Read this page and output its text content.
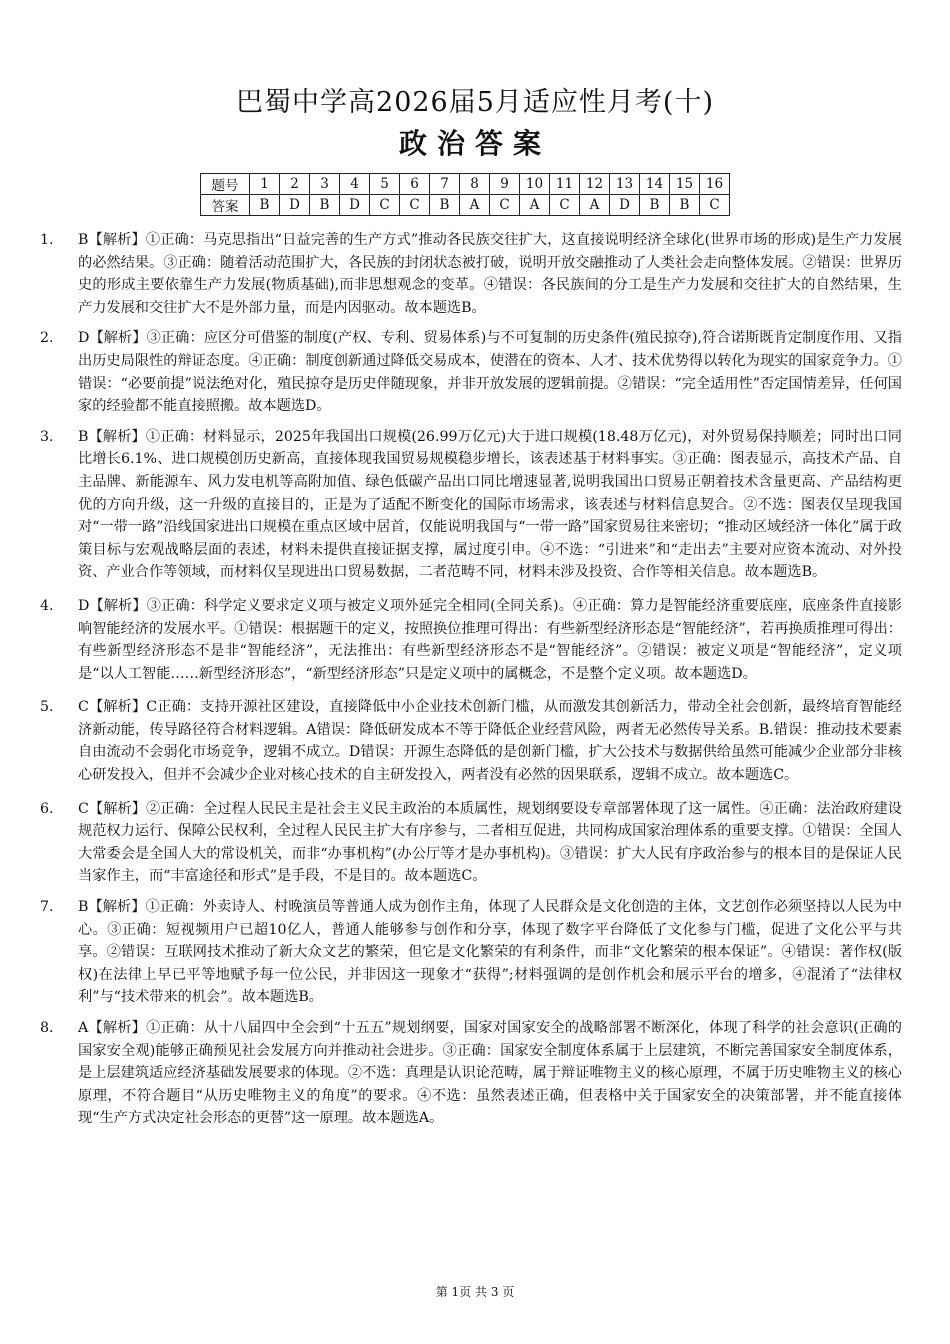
巴蜀中学高2026届5月适应性月考(十)
政治答案
题号	1	2	3	4	5	6	7	8	9	10	11	12	13	14	15	16
答案	B	D	B	D	C	C	B	A	C	A	C	A	D	B	B	C
1. B【解析】①正确：马克思指出“日益完善的生产方式”推动各民族交往扩大，这直接说明经济全球化(世界市场的形成)是生产力发展的必然结果。③正确：随着活动范围扩大，各民族的封闭状态被打破，说明开放交融推动了人类社会走向整体发展。②错误：世界历史的形成主要依靠生产力发展(物质基础),而非思想观念的变革。④错误：各民族间的分工是生产力发展和交往扩大的自然结果，生产力发展和交往扩大不是外部力量，而是内因驱动。故本题选B。
2. D【解析】③正确：应区分可借鉴的制度(产权、专利、贸易体系)与不可复制的历史条件(殖民掠夺),符合诺斯既肯定制度作用、又指出历史局限性的辩证态度。④正确：制度创新通过降低交易成本，使潜在的资本、人才、技术优势得以转化为现实的国家竞争力。①错误：“必要前提”说法绝对化，殖民掠夺是历史伴随现象，并非开放发展的逻辑前提。②错误：“完全适用性”否定国情差异，任何国家的经验都不能直接照搬。故本题选D。
3. B【解析】①正确：材料显示，2025年我国出口规模(26.99万亿元)大于进口规模(18.48万亿元)，对外贸易保持顺差；同时出口同比增长6.1%、进口规模创历史新高，直接体现我国贸易规模稳步增长，该表述基于材料事实。③正确：图表显示，高技术产品、自主品牌、新能源车、风力发电机等高附加值、绿色低碳产品出口同比增速显著,说明我国出口贸易正朝着技术含量更高、产品结构更优的方向升级，这一升级的直接目的，正是为了适配不断变化的国际市场需求，该表述与材料信息契合。②不选：图表仅呈现我国对“一带一路”沿线国家进出口规模在重点区域中居首，仅能说明我国与“一带一路”国家贸易往来密切；“推动区域经济一体化”属于政策目标与宏观战略层面的表述，材料未提供直接证据支撑，属过度引申。④不选：“引进来”和“走出去”主要对应资本流动、对外投资、产业合作等领域，而材料仅呈现进出口贸易数据，二者范畴不同，材料未涉及投资、合作等相关信息。故本题选B。
4. D【解析】③正确：科学定义要求定义项与被定义项外延完全相同(全同关系)。④正确：算力是智能经济重要底座，底座条件直接影响智能经济的发展水平。①错误：根据题干的定义，按照换位推理可得出：有些新型经济形态是“智能经济”，若再换质推理可得出：有些新型经济形态不是非“智能经济”，无法推出：有些新型经济形态不是“智能经济”。②错误：被定义项是“智能经济”，定义项是“以人工智能……新型经济形态”，“新型经济形态”只是定义项中的属概念，不是整个定义项。故本题选D。
5. C【解析】C正确：支持开源社区建设，直接降低中小企业技术创新门槛，从而激发其创新活力，带动全社会创新，最终培育智能经济新动能，传导路径符合材料逻辑。A错误：降低研发成本不等于降低企业经营风险，两者无必然传导关系。B.错误：推动技术要素自由流动不会弱化市场竞争，逻辑不成立。D错误：开源生态降低的是创新门槛，扩大公技术与数据供给虽然可能减少企业部分非核心研发投入，但并不会减少企业对核心技术的自主研发投入，两者没有必然的因果联系，逻辑不成立。故本题选C。
6. C【解析】②正确：全过程人民民主是社会主义民主政治的本质属性，规划纲要设专章部署体现了这一属性。④正确：法治政府建设规范权力运行、保障公民权利，全过程人民民主扩大有序参与，二者相互促进，共同构成国家治理体系的重要支撑。①错误：全国人大常委会是全国人大的常设机关，而非“办事机构”(办公厅等才是办事机构)。③错误：扩大人民有序政治参与的根本目的是保证人民当家作主，而“丰富途径和形式”是手段，不是目的。故本题选C。
7. B【解析】①正确：外卖诗人、村晚演员等普通人成为创作主角，体现了人民群众是文化创造的主体，文艺创作必须坚持以人民为中心。③正确：短视频用户已超10亿人，普通人能够参与创作和分享，体现了数字平台降低了文化参与门槛，促进了文化公平与共享。②错误：互联网技术推动了新大众文艺的繁荣，但它是文化繁荣的有利条件，而非“文化繁荣的根本保证”。④错误：著作权(版权)在法律上早已平等地赋予每一位公民，并非因这一现象才“获得”;材料强调的是创作机会和展示平台的增多，④混淆了“法律权利”与“技术带来的机会”。故本题选B。
8. A【解析】①正确：从十八届四中全会到“十五五”规划纲要，国家对国家安全的战略部署不断深化，体现了科学的社会意识(正确的国家安全观)能够正确预见社会发展方向并推动社会进步。③正确：国家安全制度体系属于上层建筑，不断完善国家安全制度体系，是上层建筑适应经济基础发展要求的体现。②不选：真理是认识论范畴，属于辩证唯物主义的核心原理，不属于历史唯物主义的核心原理，不符合题目“从历史唯物主义的角度”的要求。④不选：虽然表述正确，但表格中关于国家安全的决策部署，并不能直接体现“生产方式决定社会形态的更替”这一原理。故本题选A。
第 1页 共 3 页
